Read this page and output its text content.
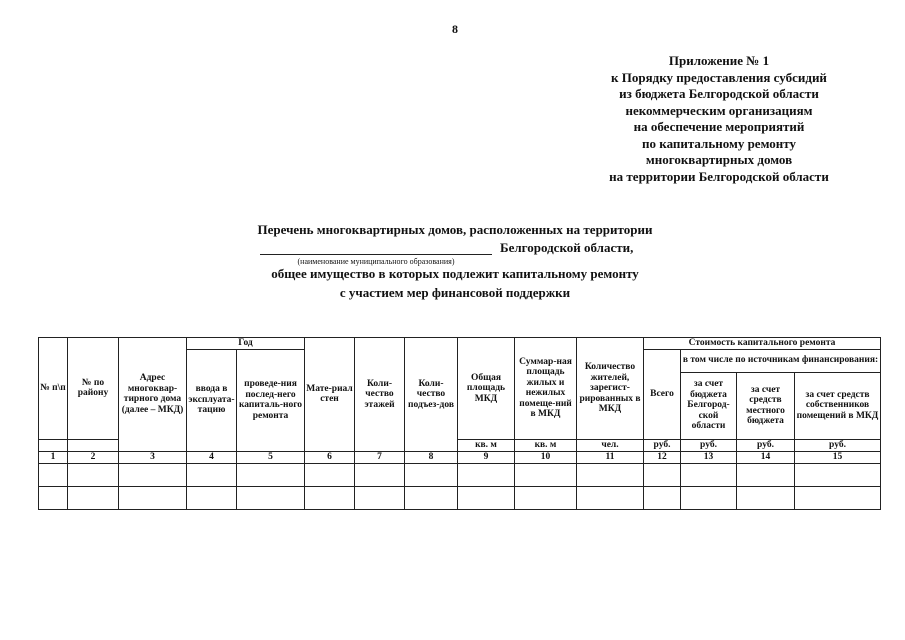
8
Приложение № 1
к Порядку предоставления субсидий
из бюджета Белгородской области
некоммерческим организациям
на обеспечение мероприятий
по капитальному ремонту
многоквартирных домов
на территории Белгородской области
Перечень многоквартирных домов, расположенных на территории
Белгородской области,
(наименование муниципального образования)
общее имущество в которых подлежит капитальному ремонту
с участием мер финансовой поддержки
№ п\п	№ по району	Адрес многоквар-тирного дома (далее – МКД)	Год		Матe-риал стен	Коли-чество этажей	Коли-чество подъез-дов	Общая площадь МКД	Суммар-ная площадь жилых и нежилых помеще-ний в МКД	Количество жителей, зарегист-рированных в МКД	Стоимость капитального ремонта			
			ввода в эксплуата-тацию	проведе-ния послед-него капиталь-ного ремонта							Всего	в том числе по источникам финансирования:		
												за счет бюджета Белгород-ской области	за счет средств местного бюджета	за счет средств собственников помещений в МКД
								кв. м	кв. м	чел.	руб.	руб.	руб.	руб.
1	2	3	4	5	6	7	8	9	10	11	12	13	14	15
